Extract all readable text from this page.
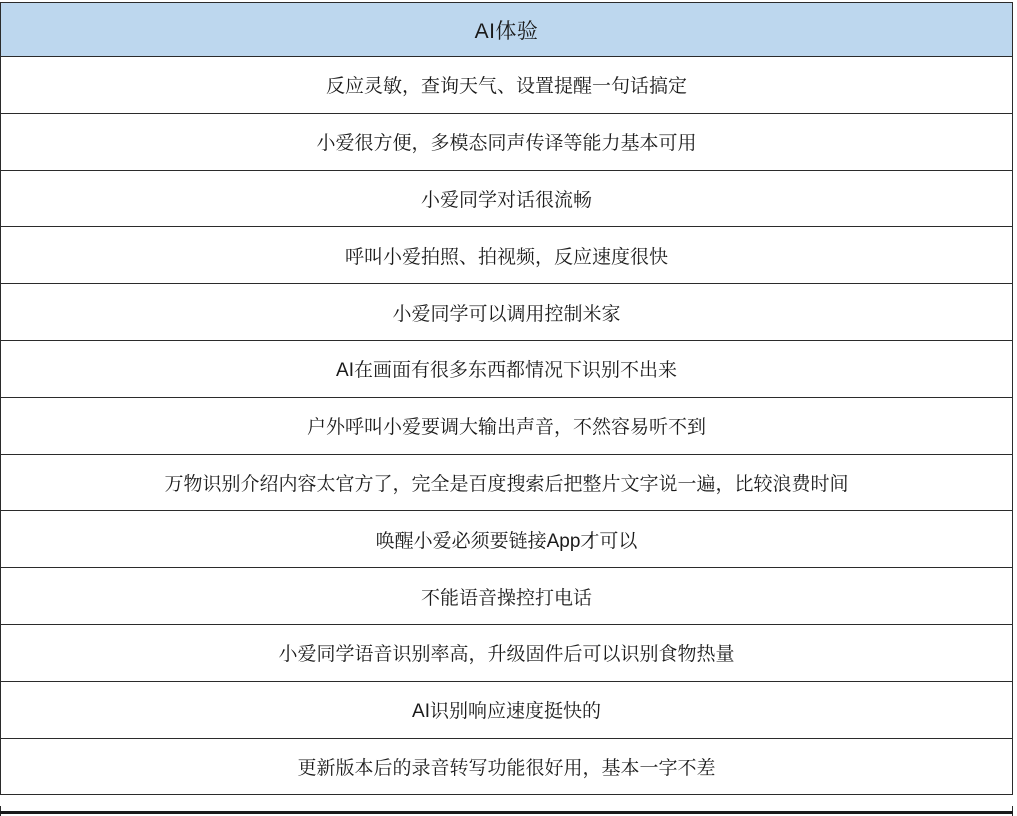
AI体验
反应灵敏，查询天气、设置提醒一句话搞定
小爱很方便，多模态同声传译等能力基本可用
小爱同学对话很流畅
呼叫小爱拍照、拍视频，反应速度很快
小爱同学可以调用控制米家
AI在画面有很多东西都情况下识别不出来
户外呼叫小爱要调大输出声音，不然容易听不到
万物识别介绍内容太官方了，完全是百度搜索后把整片文字说一遍，比较浪费时间
唤醒小爱必须要链接App才可以
不能语音操控打电话
小爱同学语音识别率高，升级固件后可以识别食物热量
AI识别响应速度挺快的
更新版本后的录音转写功能很好用，基本一字不差
